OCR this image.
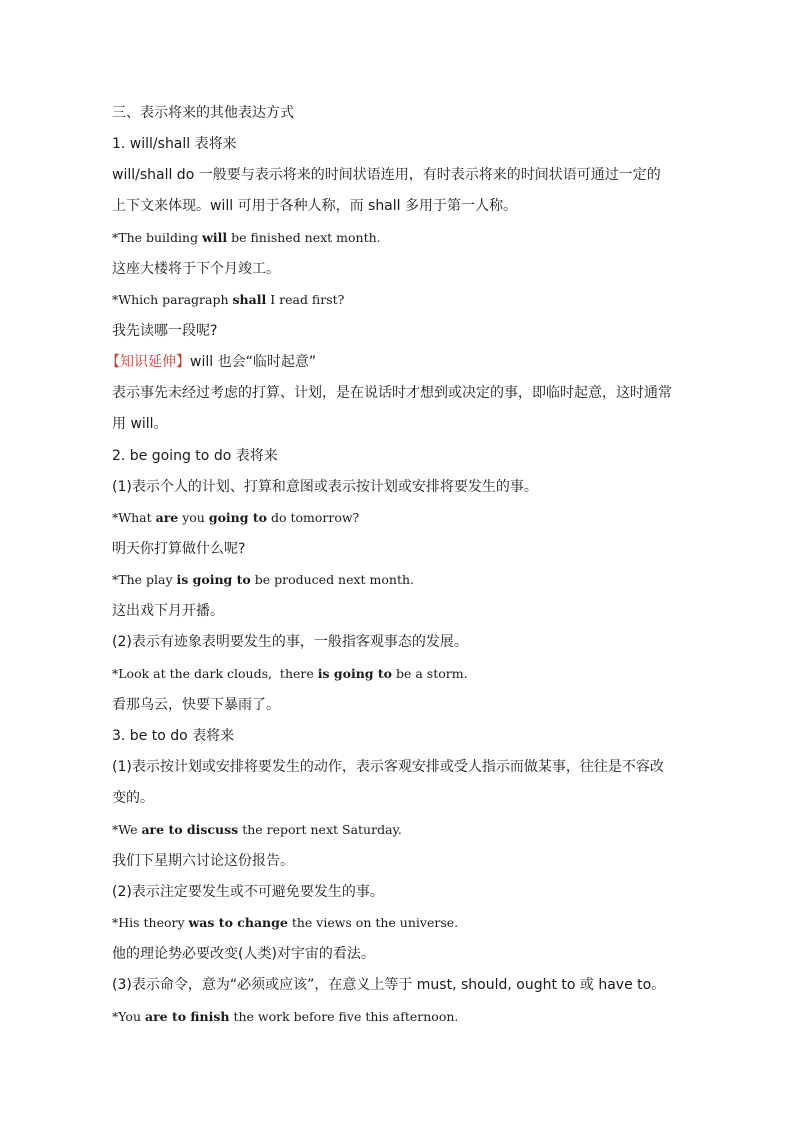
三、表示将来的其他表达方式
1. will/shall 表将来
will/shall do 一般要与表示将来的时间状语连用，有时表示将来的时间状语可通过一定的
上下文来体现。will 可用于各种人称，而 shall 多用于第一人称。
*The building will be finished next month.
这座大楼将于下个月竣工。
*Which paragraph shall I read first?
我先读哪一段呢?
【知识延伸】will 也会“临时起意”
表示事先未经过考虑的打算、计划，是在说话时才想到或决定的事，即临时起意，这时通常
用 will。
2. be going to do 表将来
(1)表示个人的计划、打算和意图或表示按计划或安排将要发生的事。
*What are you going to do tomorrow?
明天你打算做什么呢?
*The play is going to be produced next month.
这出戏下月开播。
(2)表示有迹象表明要发生的事，一般指客观事态的发展。
*Look at the dark clouds,  there is going to be a storm.
看那乌云，快要下暴雨了。
3. be to do 表将来
(1)表示按计划或安排将要发生的动作，表示客观安排或受人指示而做某事，往往是不容改
变的。
*We are to discuss the report next Saturday.
我们下星期六讨论这份报告。
(2)表示注定要发生或不可避免要发生的事。
*His theory was to change the views on the universe.
他的理论势必要改变(人类)对宇宙的看法。
(3)表示命令，意为“必须或应该”，在意义上等于 must, should, ought to 或 have to。
*You are to finish the work before five this afternoon.
